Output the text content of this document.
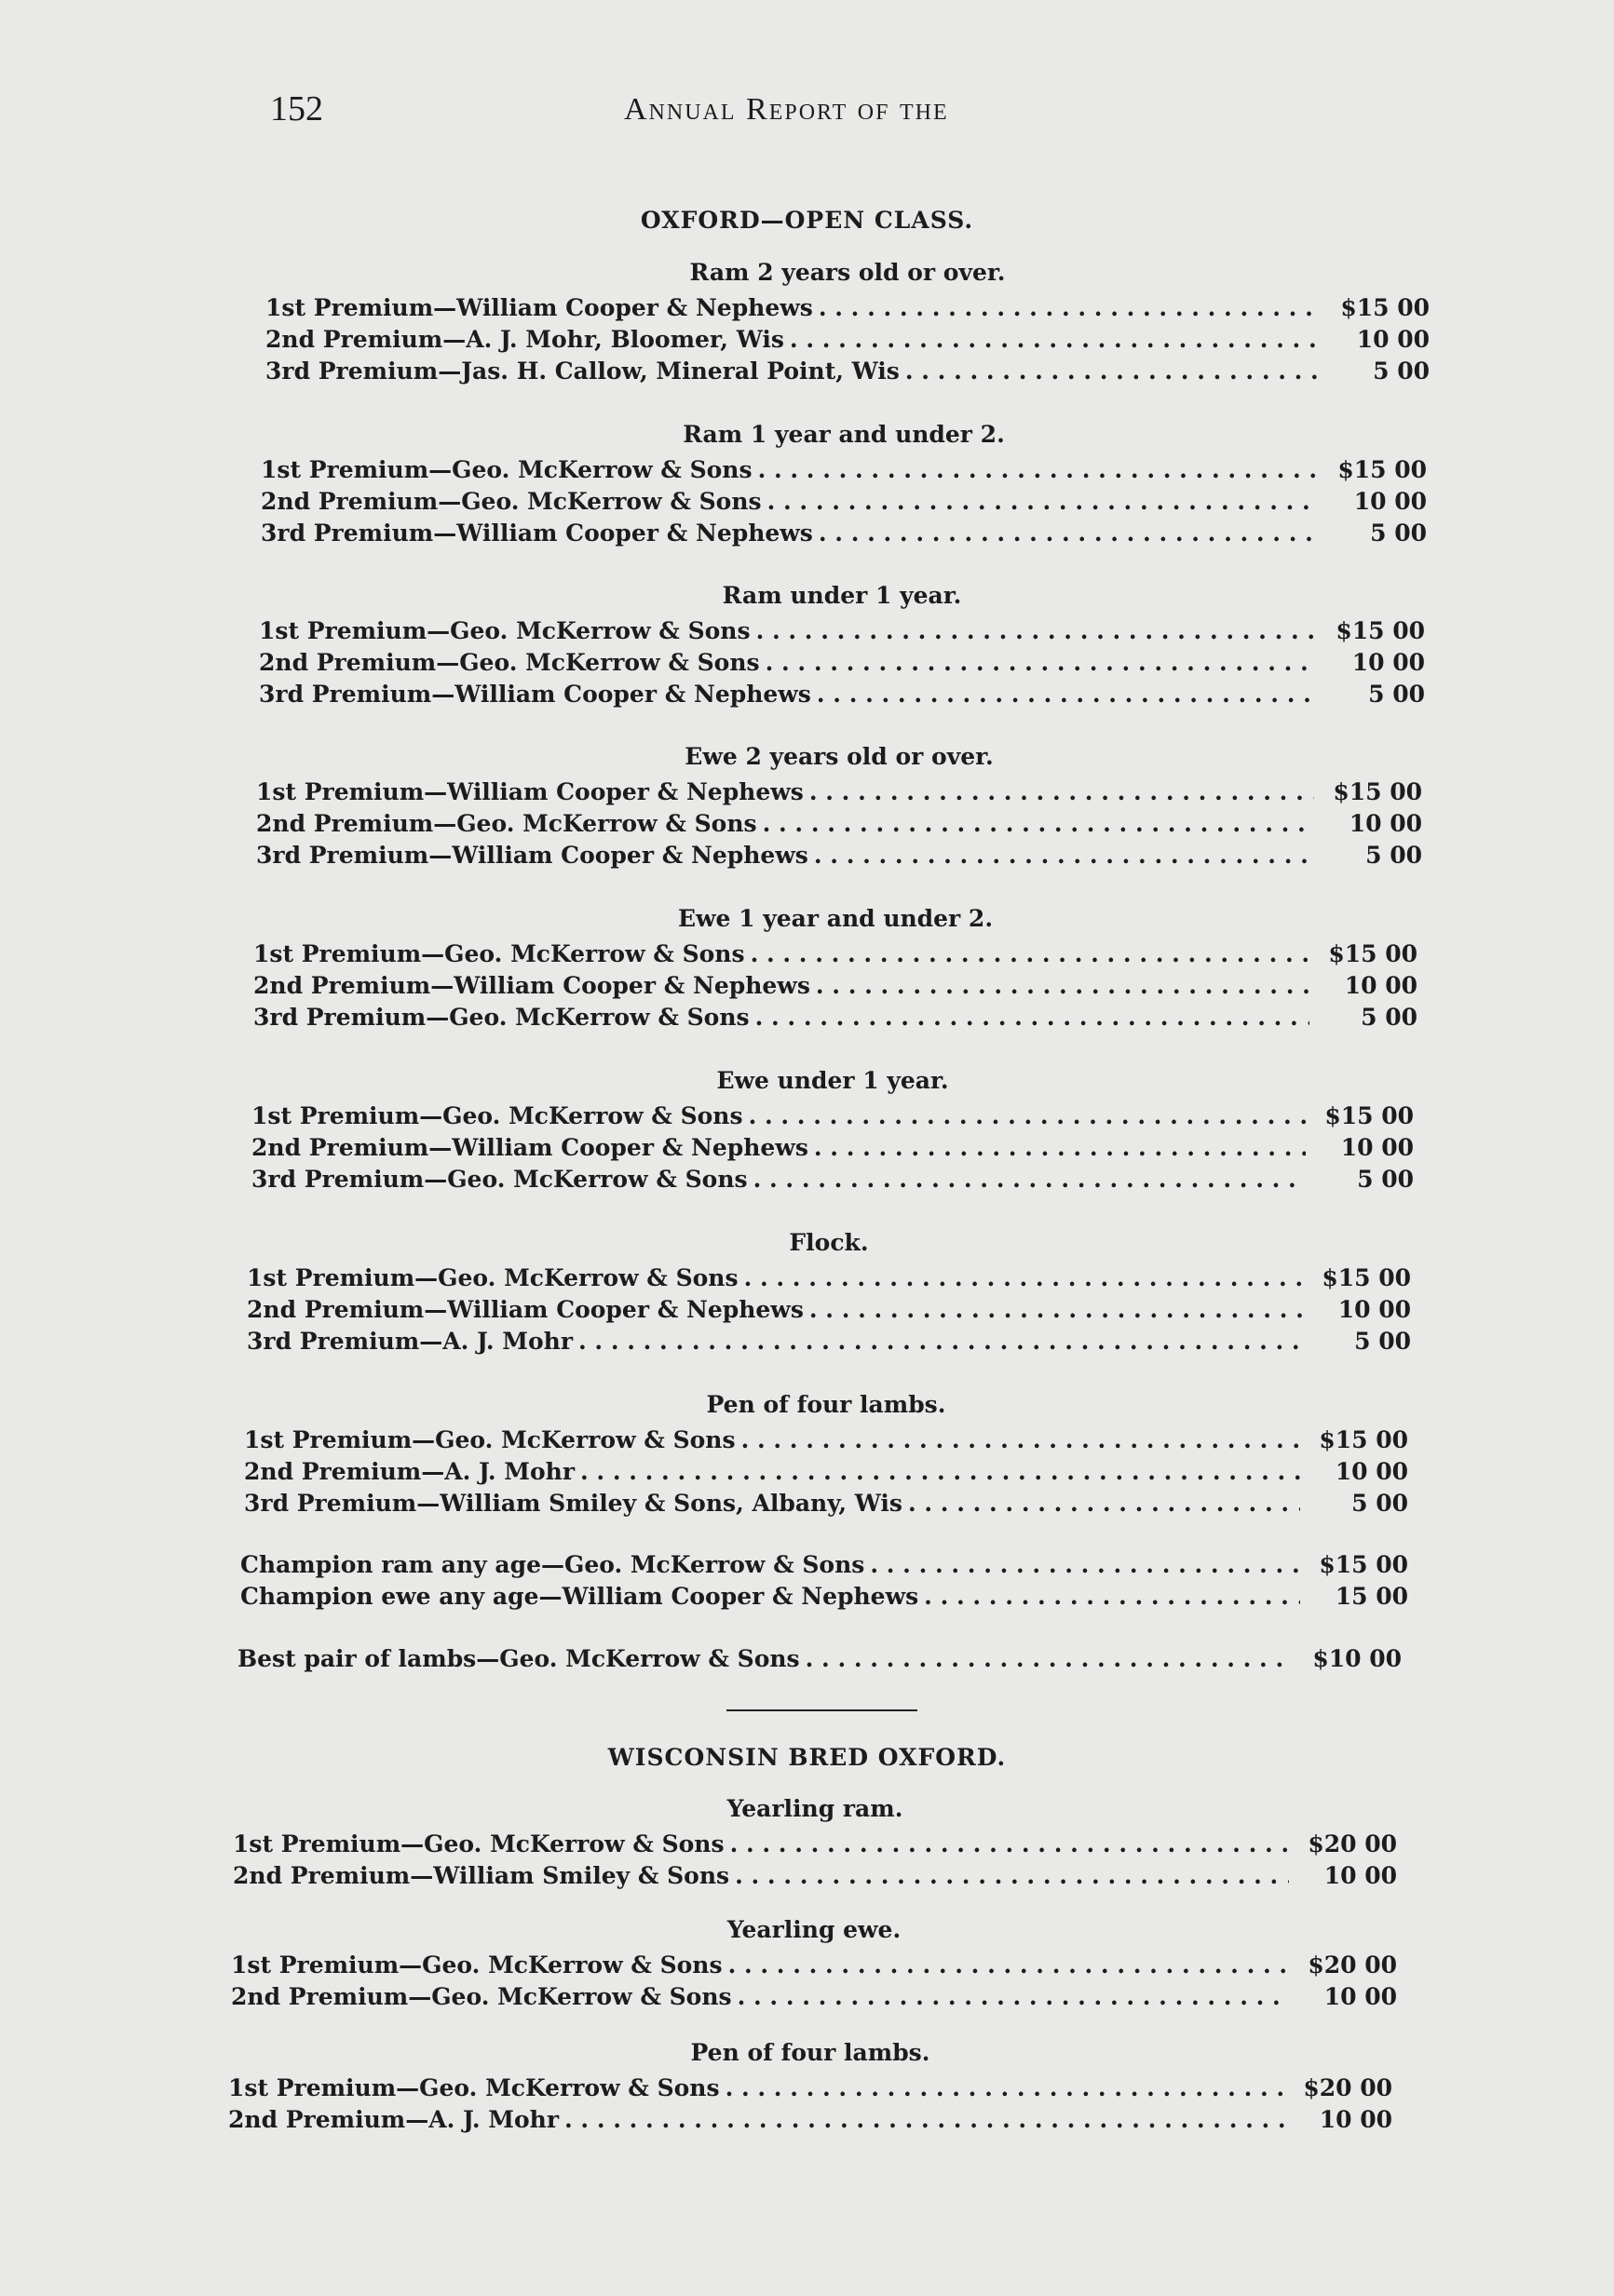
152	Annual Report of the
OXFORD—OPEN CLASS.
WISCONSIN BRED OXFORD.
Ram 2 years old or over.
1st Premium—William Cooper & Nephews . . .	$15 00
2nd Premium—A. J. Mohr, Bloomer, Wis . . .	10 00
3rd Premium—Jas. H. Callow, Mineral Point, Wis . . .	5 00
Ram 1 year and under 2.
1st Premium—Geo. McKerrow & Sons . . .	$15 00
2nd Premium—Geo. McKerrow & Sons . . .	10 00
3rd Premium—William Cooper & Nephews . . .	5 00
Ram under 1 year.
1st Premium—Geo. McKerrow & Sons . . .	$15 00
2nd Premium—Geo. McKerrow & Sons . . .	10 00
3rd Premium—William Cooper & Nephews . . .	5 00
Ewe 2 years old or over.
1st Premium—William Cooper & Nephews . . .	$15 00
2nd Premium—Geo. McKerrow & Sons . . .	10 00
3rd Premium—William Cooper & Nephews . . .	5 00
Ewe 1 year and under 2.
1st Premium—Geo. McKerrow & Sons . . .	$15 00
2nd Premium—William Cooper & Nephews . . .	10 00
3rd Premium—Geo. McKerrow & Sons . . .	5 00
Ewe under 1 year.
1st Premium—Geo. McKerrow & Sons . . .	$15 00
2nd Premium—William Cooper & Nephews . . .	10 00
3rd Premium—Geo. McKerrow & Sons . . .	5 00
Flock.
1st Premium—Geo. McKerrow & Sons . . .	$15 00
2nd Premium—William Cooper & Nephews . . .	10 00
3rd Premium—A. J. Mohr . . .	5 00
Pen of four lambs.
1st Premium—Geo. McKerrow & Sons . . .	$15 00
2nd Premium—A. J. Mohr . . .	10 00
3rd Premium—William Smiley & Sons, Albany, Wis . . .	5 00
Champion ram any age—Geo. McKerrow & Sons . . .	$15 00
Champion ewe any age—William Cooper & Nephews . . .	15 00
Best pair of lambs—Geo. McKerrow & Sons . . .	$10 00
Yearling ram.
1st Premium—Geo. McKerrow & Sons . . .	$20 00
2nd Premium—William Smiley & Sons . . .	10 00
Yearling ewe.
1st Premium—Geo. McKerrow & Sons . . .	$20 00
2nd Premium—Geo. McKerrow & Sons . . .	10 00
Pen of four lambs.
1st Premium—Geo. McKerrow & Sons . . .	$20 00
2nd Premium—A. J. Mohr . . .	10 00
